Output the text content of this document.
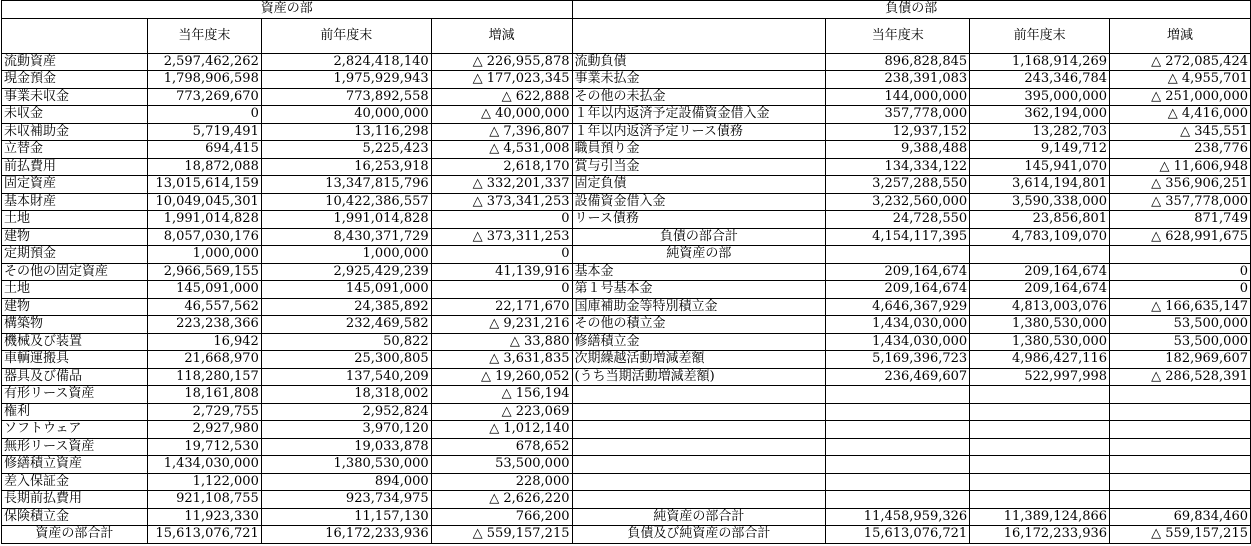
資産の部				負債の部			
	当年度末	前年度末	増減		当年度末	前年度末	増減
流動資産	2,597,462,262	2,824,418,140	△ 226,955,878	流動負債	896,828,845	1,168,914,269	△ 272,085,424
現金預金	1,798,906,598	1,975,929,943	△ 177,023,345	事業未払金	238,391,083	243,346,784	△ 4,955,701
事業未収金	773,269,670	773,892,558	△ 622,888	その他の未払金	144,000,000	395,000,000	△ 251,000,000
未収金	0	40,000,000	△ 40,000,000	１年以内返済予定設備資金借入金	357,778,000	362,194,000	△ 4,416,000
未収補助金	5,719,491	13,116,298	△ 7,396,807	１年以内返済予定リース債務	12,937,152	13,282,703	△ 345,551
立替金	694,415	5,225,423	△ 4,531,008	職員預り金	9,388,488	9,149,712	238,776
前払費用	18,872,088	16,253,918	2,618,170	賞与引当金	134,334,122	145,941,070	△ 11,606,948
固定資産	13,015,614,159	13,347,815,796	△ 332,201,337	固定負債	3,257,288,550	3,614,194,801	△ 356,906,251
基本財産	10,049,045,301	10,422,386,557	△ 373,341,253	設備資金借入金	3,232,560,000	3,590,338,000	△ 357,778,000
土地	1,991,014,828	1,991,014,828	0	リース債務	24,728,550	23,856,801	871,749
建物	8,057,030,176	8,430,371,729	△ 373,311,253	負債の部合計	4,154,117,395	4,783,109,070	△ 628,991,675
定期預金	1,000,000	1,000,000	0	純資産の部			
その他の固定資産	2,966,569,155	2,925,429,239	41,139,916	基本金	209,164,674	209,164,674	0
土地	145,091,000	145,091,000	0	第１号基本金	209,164,674	209,164,674	0
建物	46,557,562	24,385,892	22,171,670	国庫補助金等特別積立金	4,646,367,929	4,813,003,076	△ 166,635,147
構築物	223,238,366	232,469,582	△ 9,231,216	その他の積立金	1,434,030,000	1,380,530,000	53,500,000
機械及び装置	16,942	50,822	△ 33,880	修繕積立金	1,434,030,000	1,380,530,000	53,500,000
車輌運搬具	21,668,970	25,300,805	△ 3,631,835	次期繰越活動増減差額	5,169,396,723	4,986,427,116	182,969,607
器具及び備品	118,280,157	137,540,209	△ 19,260,052	(うち当期活動増減差額)	236,469,607	522,997,998	△ 286,528,391
有形リース資産	18,161,808	18,318,002	△ 156,194				
権利	2,729,755	2,952,824	△ 223,069				
ソフトウェア	2,927,980	3,970,120	△ 1,012,140				
無形リース資産	19,712,530	19,033,878	678,652				
修繕積立資産	1,434,030,000	1,380,530,000	53,500,000				
差入保証金	1,122,000	894,000	228,000				
長期前払費用	921,108,755	923,734,975	△ 2,626,220				
保険積立金	11,923,330	11,157,130	766,200	純資産の部合計	11,458,959,326	11,389,124,866	69,834,460
資産の部合計	15,613,076,721	16,172,233,936	△ 559,157,215	負債及び純資産の部合計	15,613,076,721	16,172,233,936	△ 559,157,215
